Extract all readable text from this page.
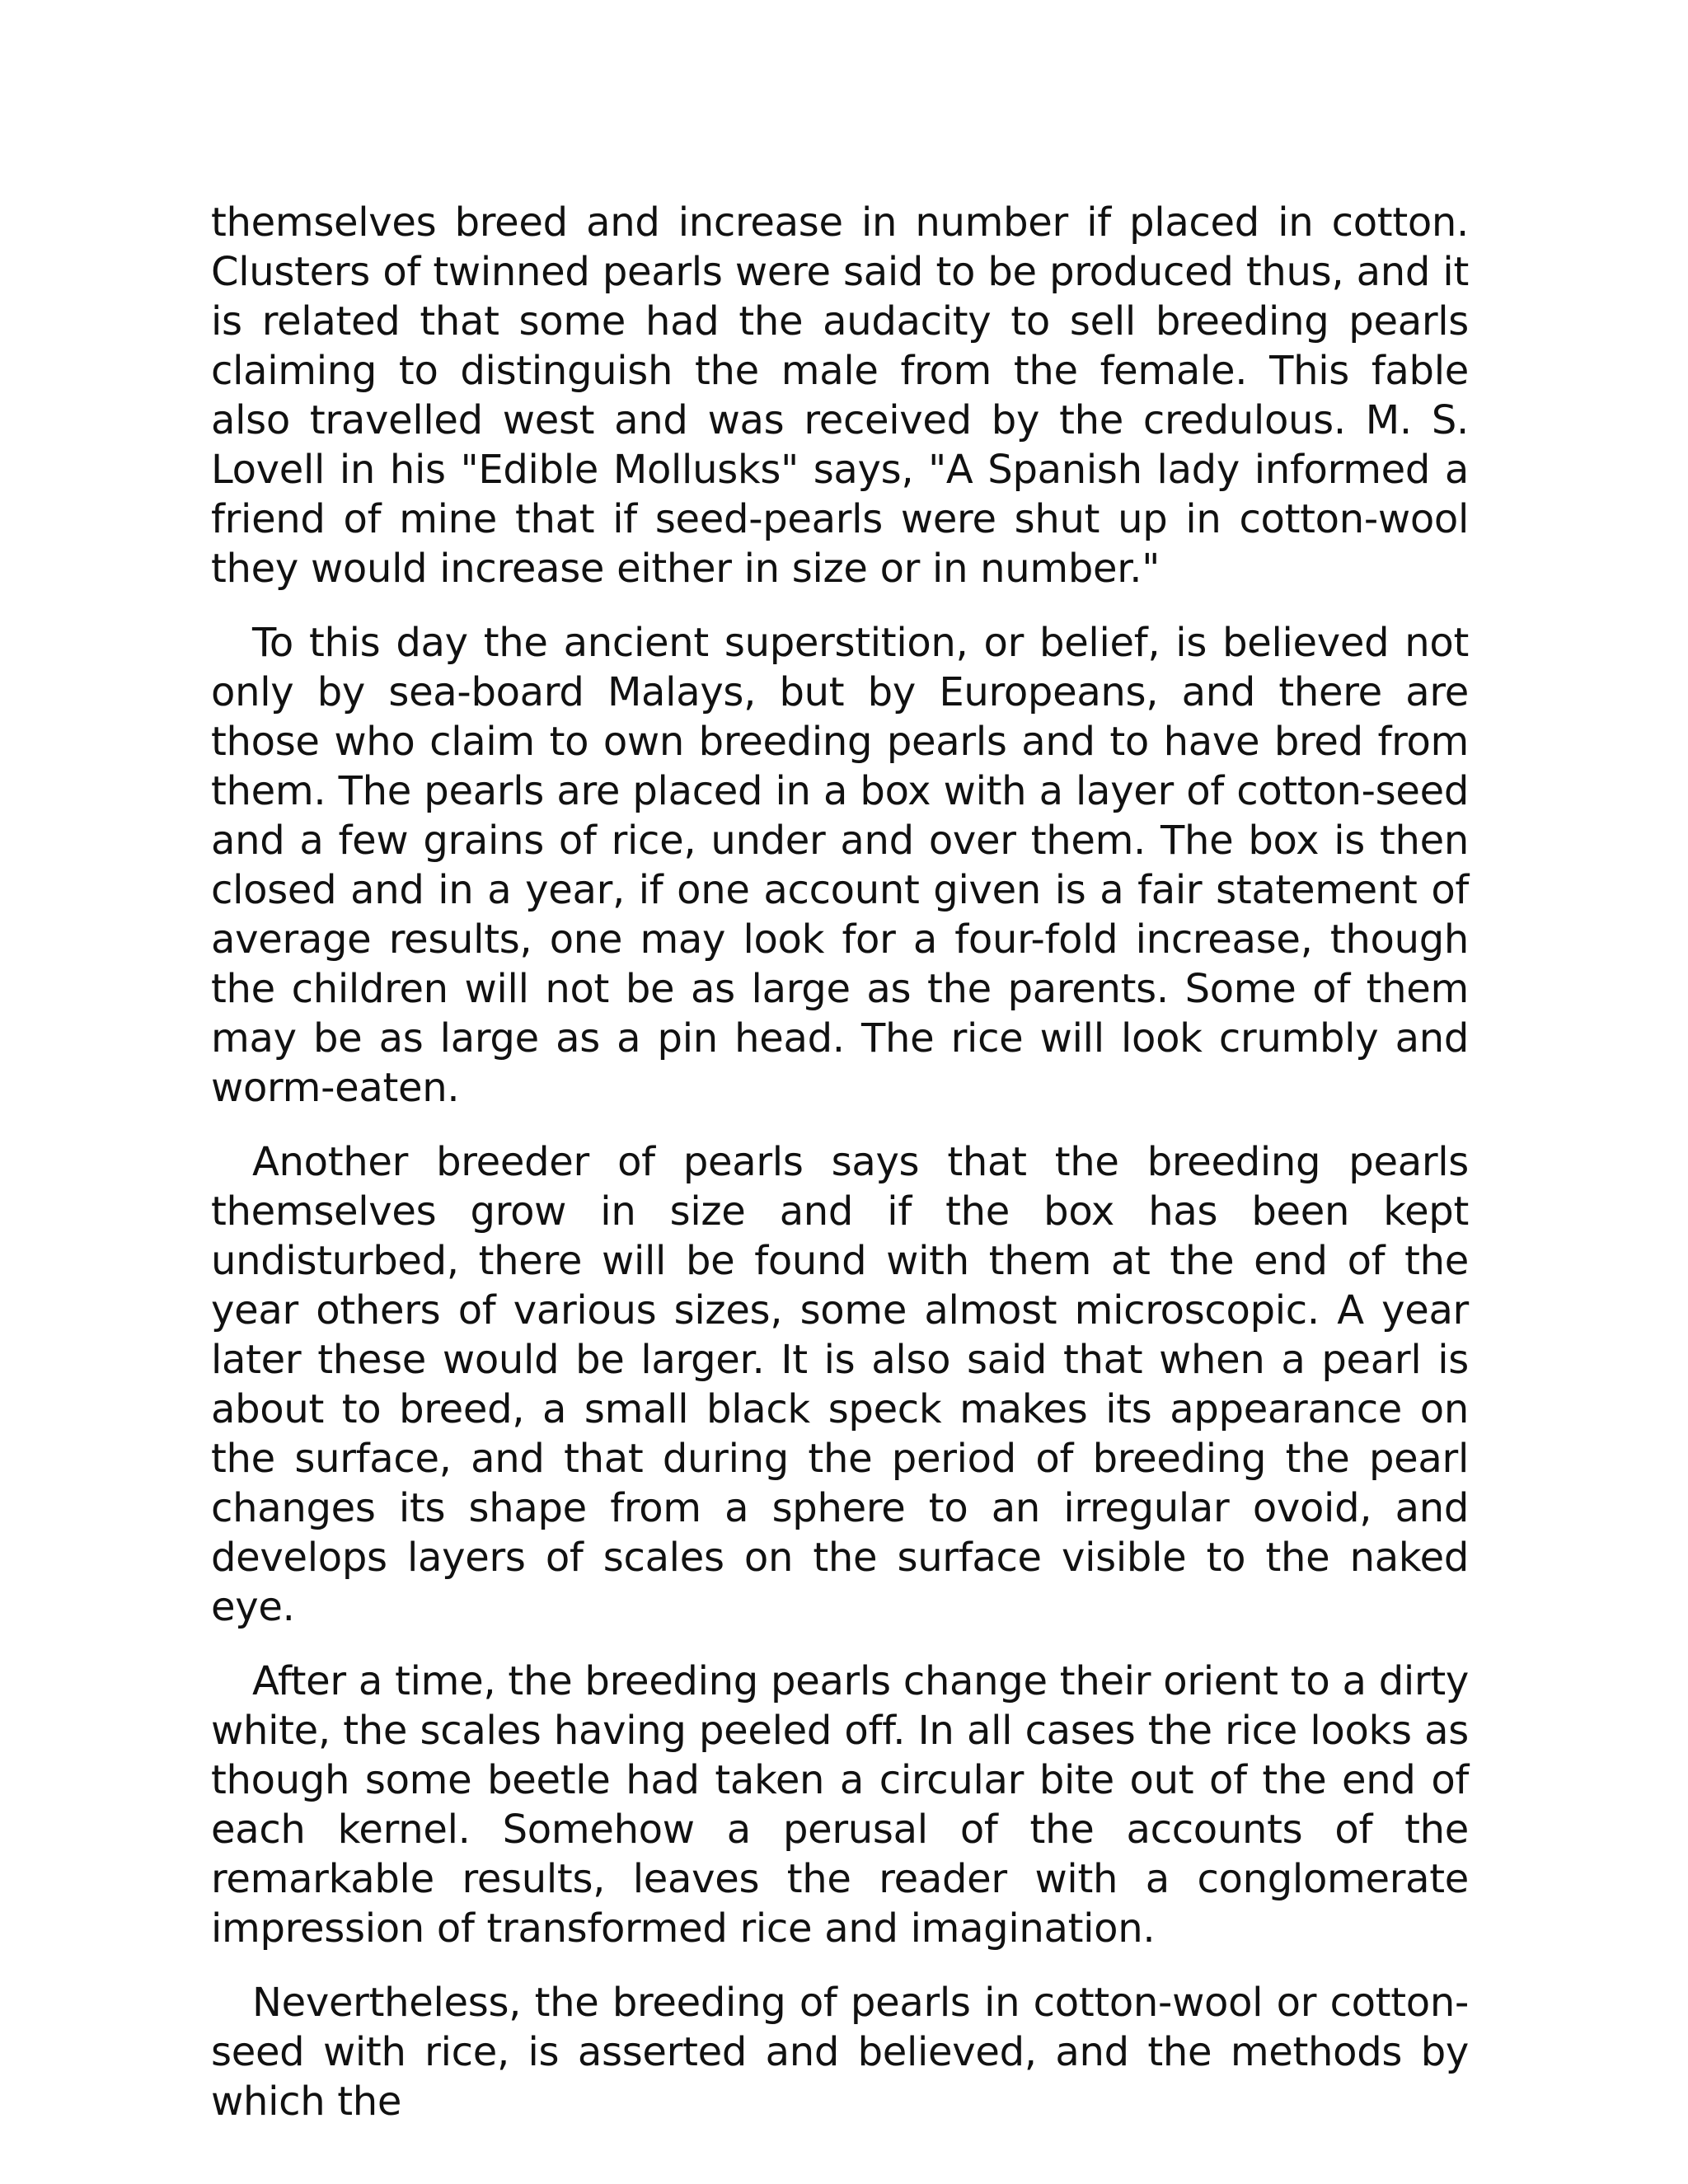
themselves breed and increase in number if placed in cotton. Clusters of twinned pearls were said to be produced thus, and it is related that some had the audacity to sell breeding pearls claiming to distinguish the male from the female. This fable also travelled west and was received by the credulous. M. S. Lovell in his "Edible Mollusks" says, "A Spanish lady informed a friend of mine that if seed-pearls were shut up in cotton-wool they would increase either in size or in number."

To this day the ancient superstition, or belief, is believed not only by sea-board Malays, but by Europeans, and there are those who claim to own breeding pearls and to have bred from them. The pearls are placed in a box with a layer of cotton-seed and a few grains of rice, under and over them. The box is then closed and in a year, if one account given is a fair statement of average results, one may look for a four-fold increase, though the children will not be as large as the parents. Some of them may be as large as a pin head. The rice will look crumbly and worm-eaten.

Another breeder of pearls says that the breeding pearls themselves grow in size and if the box has been kept undisturbed, there will be found with them at the end of the year others of various sizes, some almost microscopic. A year later these would be larger. It is also said that when a pearl is about to breed, a small black speck makes its appearance on the surface, and that during the period of breeding the pearl changes its shape from a sphere to an irregular ovoid, and develops layers of scales on the surface visible to the naked eye.

After a time, the breeding pearls change their orient to a dirty white, the scales having peeled off. In all cases the rice looks as though some beetle had taken a circular bite out of the end of each kernel. Somehow a perusal of the accounts of the remarkable results, leaves the reader with a conglomerate impression of transformed rice and imagination.

Nevertheless, the breeding of pearls in cotton-wool or cotton-seed with rice, is asserted and believed, and the methods by which the
